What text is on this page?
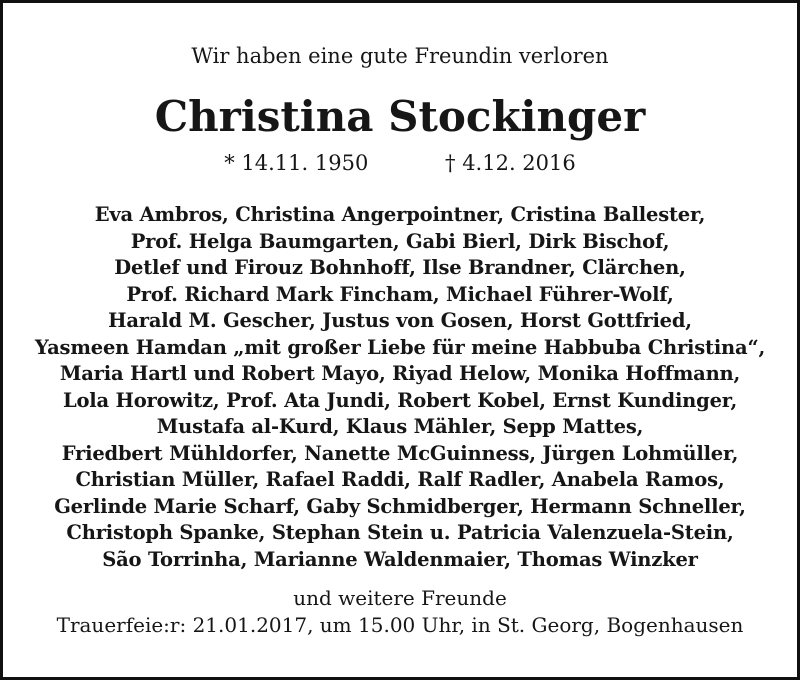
Wir haben eine gute Freundin verloren
Christina Stockinger
* 14.11. 1950	† 4.12. 2016
Eva Ambros, Christina Angerpointner, Cristina Ballester,
Prof. Helga Baumgarten, Gabi Bierl, Dirk Bischof,
Detlef und Firouz Bohnhoff, Ilse Brandner, Clärchen,
Prof. Richard Mark Fincham, Michael Führer-Wolf,
Harald M. Gescher, Justus von Gosen, Horst Gottfried,
Yasmeen Hamdan „mit großer Liebe für meine Habbuba Christina“,
Maria Hartl und Robert Mayo, Riyad Helow, Monika Hoffmann,
Lola Horowitz, Prof. Ata Jundi, Robert Kobel, Ernst Kundinger,
Mustafa al-Kurd, Klaus Mähler, Sepp Mattes,
Friedbert Mühldorfer, Nanette McGuinness, Jürgen Lohmüller,
Christian Müller, Rafael Raddi, Ralf Radler, Anabela Ramos,
Gerlinde Marie Scharf, Gaby Schmidberger, Hermann Schneller,
Christoph Spanke, Stephan Stein u. Patricia Valenzuela-Stein,
São Torrinha, Marianne Waldenmaier, Thomas Winzker
und weitere Freunde
Trauerfeie:r: 21.01.2017, um 15.00 Uhr, in St. Georg, Bogenhausen
